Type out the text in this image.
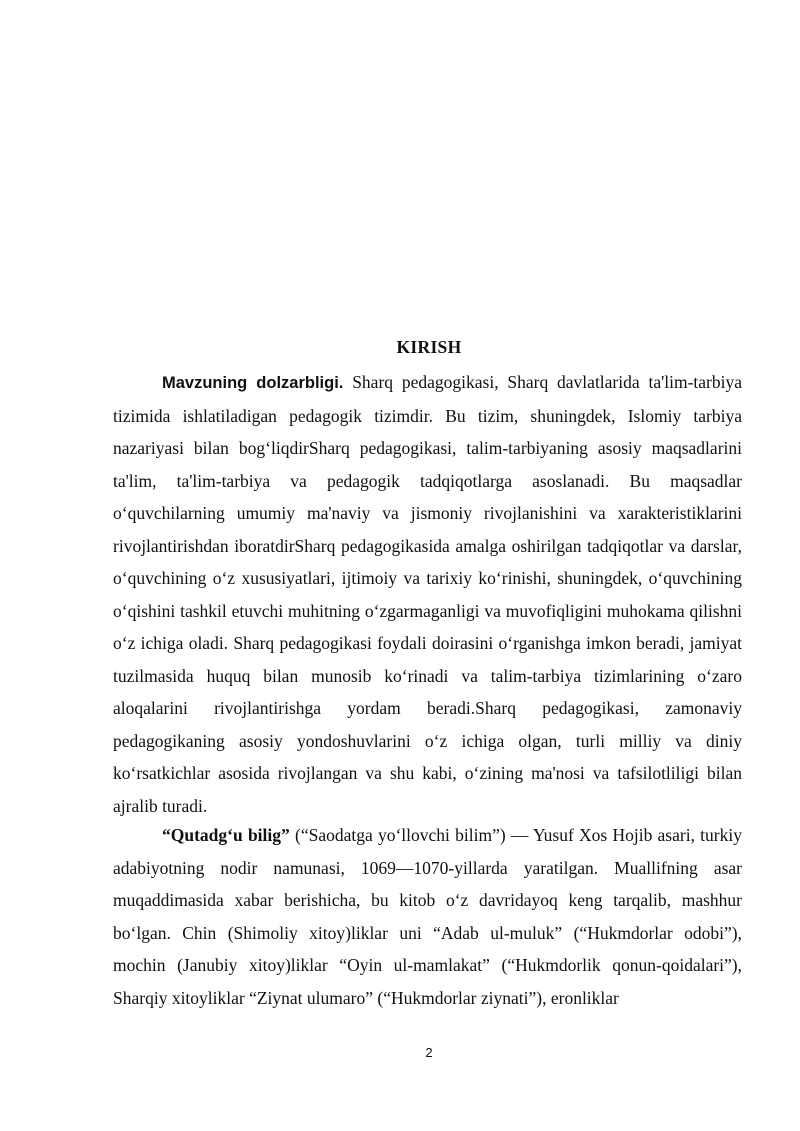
KIRISH

Mavzuning dolzarbligi. Sharq pedagogikasi, Sharq davlatlarida ta'lim-tarbiya tizimida ishlatiladigan pedagogik tizimdir. Bu tizim, shuningdek, Islomiy tarbiya nazariyasi bilan bog‘liqdirSharq pedagogikasi, talim-tarbiyaning asosiy maqsadlarini ta'lim, ta'lim-tarbiya va pedagogik tadqiqotlarga asoslanadi. Bu maqsadlar o‘quvchilarning umumiy ma'naviy va jismoniy rivojlanishini va xarakteristiklarini rivojlantirishdan iboratdirSharq pedagogikasida amalga oshirilgan tadqiqotlar va darslar, o‘quvchining o‘z xususiyatlari, ijtimoiy va tarixiy ko‘rinishi, shuningdek, o‘quvchining o‘qishini tashkil etuvchi muhitning o‘zgarmaganligi va muvofiqligini muhokama qilishni o‘z ichiga oladi. Sharq pedagogikasi foydali doirasini o‘rganishga imkon beradi, jamiyat tuzilmasida huquq bilan munosib ko‘rinadi va talim-tarbiya tizimlarining o‘zaro aloqalarini rivojlantirishga yordam beradi.Sharq pedagogikasi, zamonaviy pedagogikaning asosiy yondoshuvlarini o‘z ichiga olgan, turli milliy va diniy ko‘rsatkichlar asosida rivojlangan va shu kabi, o‘zining ma'nosi va tafsilotliligi bilan ajralib turadi.

“Qutadg‘u bilig” (“Saodatga yo‘llovchi bilim”) — Yusuf Xos Hojib asari, turkiy adabiyotning nodir namunasi, 1069—1070-yillarda yaratilgan. Muallifning asar muqaddimasida xabar berishicha, bu kitob o‘z davridayoq keng tarqalib, mashhur bo‘lgan. Chin (Shimoliy xitoy)liklar uni “Adab ul-muluk” (“Hukmdorlar odobi”), mochin (Janubiy xitoy)liklar “Oyin ul-mamlakat” (“Hukmdorlik qonun-qoidalari”), Sharqiy xitoyliklar “Ziynat ulumaro” (“Hukmdorlar ziynati”), eronliklar

2
